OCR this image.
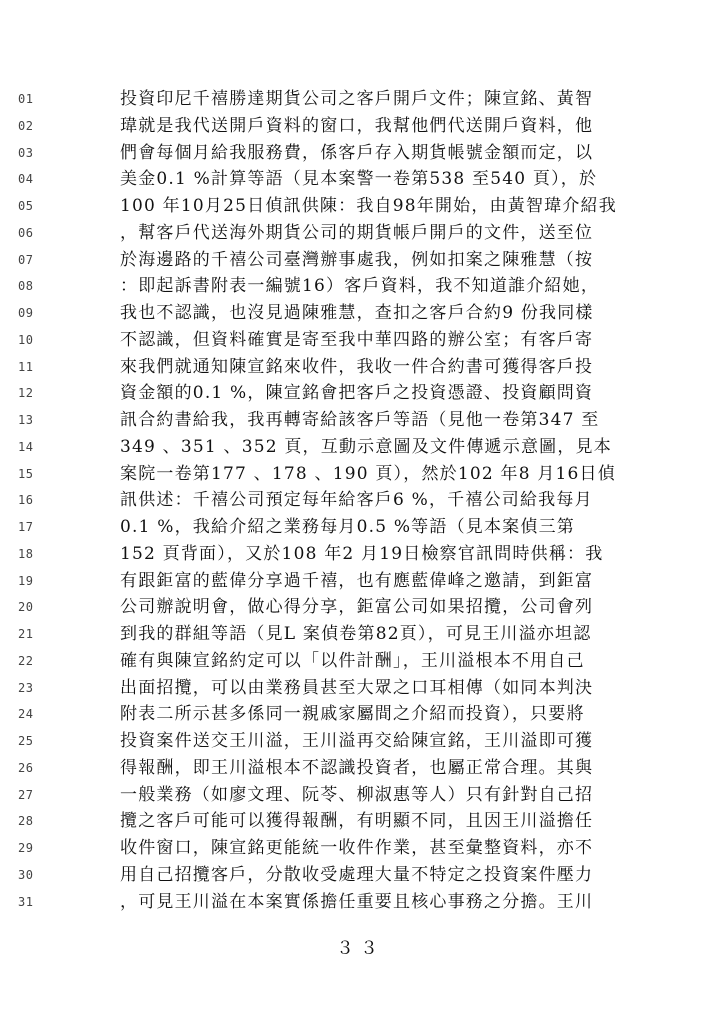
01	投資印尼千禧勝達期貨公司之客戶開戶文件；陳宣銘、黃智
02	瑋就是我代送開戶資料的窗口，我幫他們代送開戶資料，他
03	們會每個月給我服務費，係客戶存入期貨帳號金額而定，以
04	美金0.1 %計算等語（見本案警一卷第538 至540 頁），於
05	100 年10月25日偵訊供陳：我自98年開始，由黃智瑋介紹我
06	，幫客戶代送海外期貨公司的期貨帳戶開戶的文件，送至位
07	於海邊路的千禧公司臺灣辦事處我，例如扣案之陳雅慧（按
08	：即起訴書附表一編號16）客戶資料，我不知道誰介紹她，
09	我也不認識，也沒見過陳雅慧，查扣之客戶合約9 份我同樣
10	不認識，但資料確實是寄至我中華四路的辦公室；有客戶寄
11	來我們就通知陳宣銘來收件，我收一件合約書可獲得客戶投
12	資金額的0.1 %，陳宣銘會把客戶之投資憑證、投資顧問資
13	訊合約書給我，我再轉寄給該客戶等語（見他一卷第347 至
14	349 、351 、352 頁，互動示意圖及文件傳遞示意圖，見本
15	案院一卷第177 、178 、190 頁），然於102 年8 月16日偵
16	訊供述：千禧公司預定每年給客戶6 %，千禧公司給我每月
17	0.1 %，我給介紹之業務每月0.5 %等語（見本案偵三第
18	152 頁背面），又於108 年2 月19日檢察官訊問時供稱：我
19	有跟鉅富的藍偉分享過千禧，也有應藍偉峰之邀請，到鉅富
20	公司辦說明會，做心得分享，鉅富公司如果招攬，公司會列
21	到我的群組等語（見L 案偵卷第82頁），可見王川溢亦坦認
22	確有與陳宣銘約定可以「以件計酬」，王川溢根本不用自己
23	出面招攬，可以由業務員甚至大眾之口耳相傳（如同本判決
24	附表二所示甚多係同一親戚家屬間之介紹而投資），只要將
25	投資案件送交王川溢，王川溢再交給陳宣銘，王川溢即可獲
26	得報酬，即王川溢根本不認識投資者，也屬正常合理。其與
27	一般業務（如廖文理、阮苓、柳淑惠等人）只有針對自己招
28	攬之客戶可能可以獲得報酬，有明顯不同，且因王川溢擔任
29	收件窗口，陳宣銘更能統一收件作業，甚至彙整資料，亦不
30	用自己招攬客戶，分散收受處理大量不特定之投資案件壓力
31	，可見王川溢在本案實係擔任重要且核心事務之分擔。王川
３３
